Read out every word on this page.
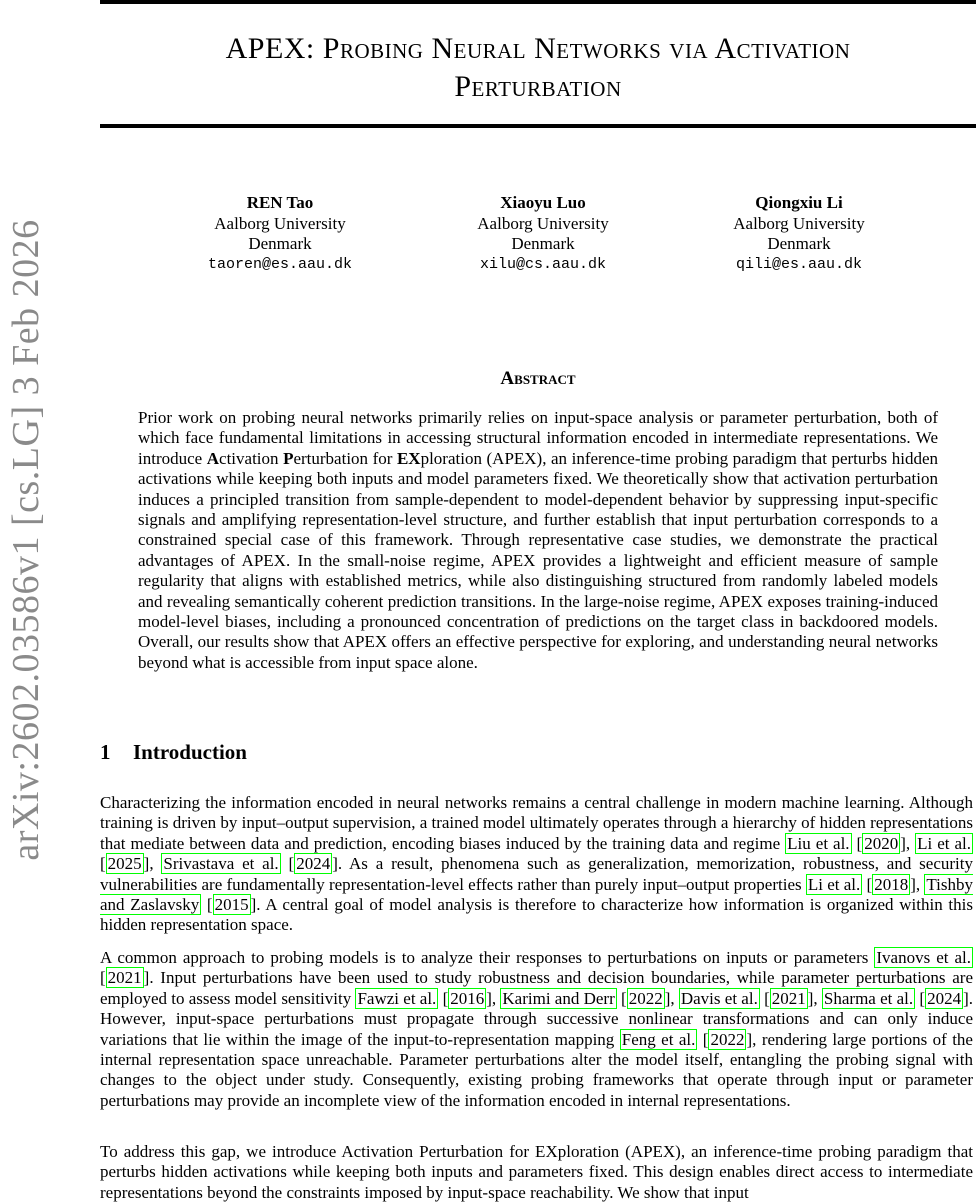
arXiv:2602.03586v1 [cs.LG] 3 Feb 2026
APEX: Probing Neural Networks via Activation
Perturbation
REN Tao
Aalborg University
Denmark
taoren@es.aau.dk
Xiaoyu Luo
Aalborg University
Denmark
xilu@cs.aau.dk
Qiongxiu Li
Aalborg University
Denmark
qili@es.aau.dk
Abstract

Prior work on probing neural networks primarily relies on input-space analysis or parameter perturbation, both of which face fundamental limitations in accessing structural information encoded in intermediate representations. We introduce Activation Perturbation for EXploration (APEX), an inference-time probing paradigm that perturbs hidden activations while keeping both inputs and model parameters fixed. We theoretically show that activation perturbation induces a principled transition from sample-dependent to model-dependent behavior by suppressing input-specific signals and amplifying representation-level structure, and further establish that input perturbation corresponds to a constrained special case of this framework. Through representative case studies, we demonstrate the practical advantages of APEX. In the small-noise regime, APEX provides a lightweight and efficient measure of sample regularity that aligns with established metrics, while also distinguishing structured from randomly labeled models and revealing semantically coherent prediction transitions. In the large-noise regime, APEX exposes training-induced model-level biases, including a pronounced concentration of predictions on the target class in backdoored models. Overall, our results show that APEX offers an effective perspective for exploring, and understanding neural networks beyond what is accessible from input space alone.

1 Introduction

Characterizing the information encoded in neural networks remains a central challenge in modern machine learning. Although training is driven by input–output supervision, a trained model ultimately operates through a hierarchy of hidden representations that mediate between data and prediction, encoding biases induced by the training data and regime Liu et al. [ 2020 ], Li et al. [ 2025 ], Srivastava et al. [ 2024 ]. As a result, phenomena such as generalization, memorization, robustness, and security vulnerabilities are fundamentally representation-level effects rather than purely input–output properties Li et al. [ 2018 ], Tishby and Zaslavsky [ 2015 ]. A central goal of model analysis is therefore to characterize how information is organized within this hidden representation space.

A common approach to probing models is to analyze their responses to perturbations on inputs or parameters Ivanovs et al. [ 2021 ]. Input perturbations have been used to study robustness and decision boundaries, while parameter perturbations are employed to assess model sensitivity Fawzi et al. [ 2016 ], Karimi and Derr [ 2022 ], Davis et al. [ 2021 ], Sharma et al. [ 2024 ]. However, input-space perturbations must propagate through successive nonlinear transformations and can only induce variations that lie within the image of the input-to-representation mapping Feng et al. [ 2022 ], rendering large portions of the internal representation space unreachable. Parameter perturbations alter the model itself, entangling the probing signal with changes to the object under study. Consequently, existing probing frameworks that operate through input or parameter perturbations may provide an incomplete view of the information encoded in internal representations.

To address this gap, we introduce Activation Perturbation for EXploration (APEX), an inference-time probing paradigm that perturbs hidden activations while keeping both inputs and parameters fixed. This design enables direct access to intermediate representations beyond the constraints imposed by input-space reachability. We show that input
